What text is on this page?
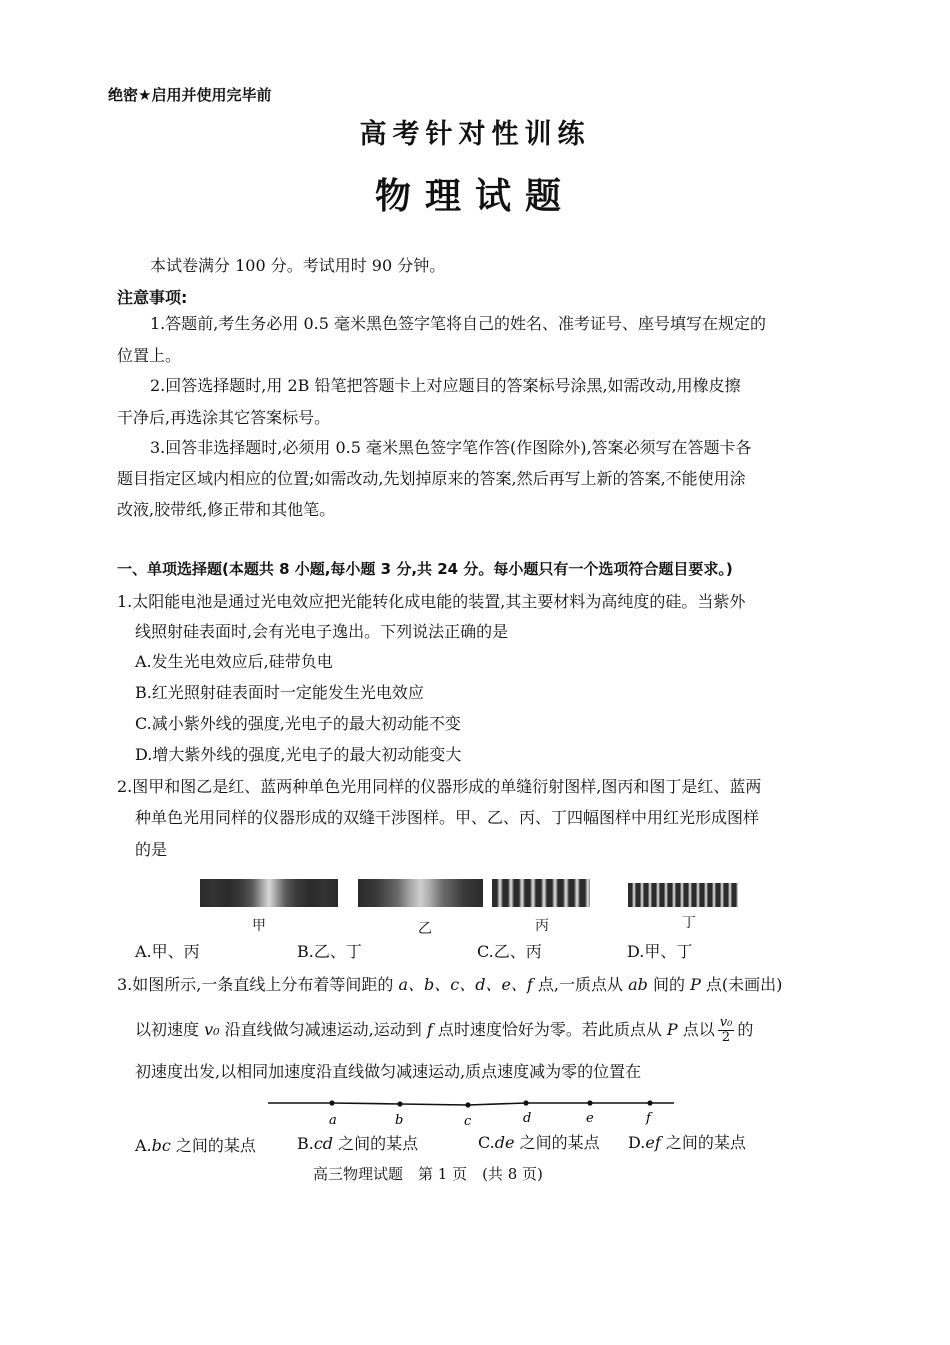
绝密★启用并使用完毕前
高考针对性训练
物理试题
本试卷满分 100 分。考试用时 90 分钟。
注意事项:
1.答题前,考生务必用 0.5 毫米黑色签字笔将自己的姓名、准考证号、座号填写在规定的
位置上。
2.回答选择题时,用 2B 铅笔把答题卡上对应题目的答案标号涂黑,如需改动,用橡皮擦
干净后,再选涂其它答案标号。
3.回答非选择题时,必须用 0.5 毫米黑色签字笔作答(作图除外),答案必须写在答题卡各
题目指定区域内相应的位置;如需改动,先划掉原来的答案,然后再写上新的答案,不能使用涂
改液,胶带纸,修正带和其他笔。
一、单项选择题(本题共 8 小题,每小题 3 分,共 24 分。每小题只有一个选项符合题目要求。)
1.太阳能电池是通过光电效应把光能转化成电能的装置,其主要材料为高纯度的硅。当紫外
线照射硅表面时,会有光电子逸出。下列说法正确的是
A.发生光电效应后,硅带负电
B.红光照射硅表面时一定能发生光电效应
C.减小紫外线的强度,光电子的最大初动能不变
D.增大紫外线的强度,光电子的最大初动能变大
2.图甲和图乙是红、蓝两种单色光用同样的仪器形成的单缝衍射图样,图丙和图丁是红、蓝两
种单色光用同样的仪器形成的双缝干涉图样。甲、乙、丙、丁四幅图样中用红光形成图样
的是
甲	乙	丙	丁
A.甲、丙	B.乙、丁	C.乙、丙	D.甲、丁
3.如图所示,一条直线上分布着等间距的 a、b、c、d、e、f 点,一质点从 ab 间的 P 点(未画出)
以初速度 v₀ 沿直线做匀减速运动,运动到 f 点时速度恰好为零。若此质点从 P 点以 $\frac{\text{v₀}}{2}$ 的
初速度出发,以相同加速度沿直线做匀减速运动,质点速度减为零的位置在
a	b	c	d	e	f
A.bc 之间的某点	B.cd 之间的某点	C.de 之间的某点 D.ef 之间的某点
高三物理试题　第 1 页　(共 8 页)
